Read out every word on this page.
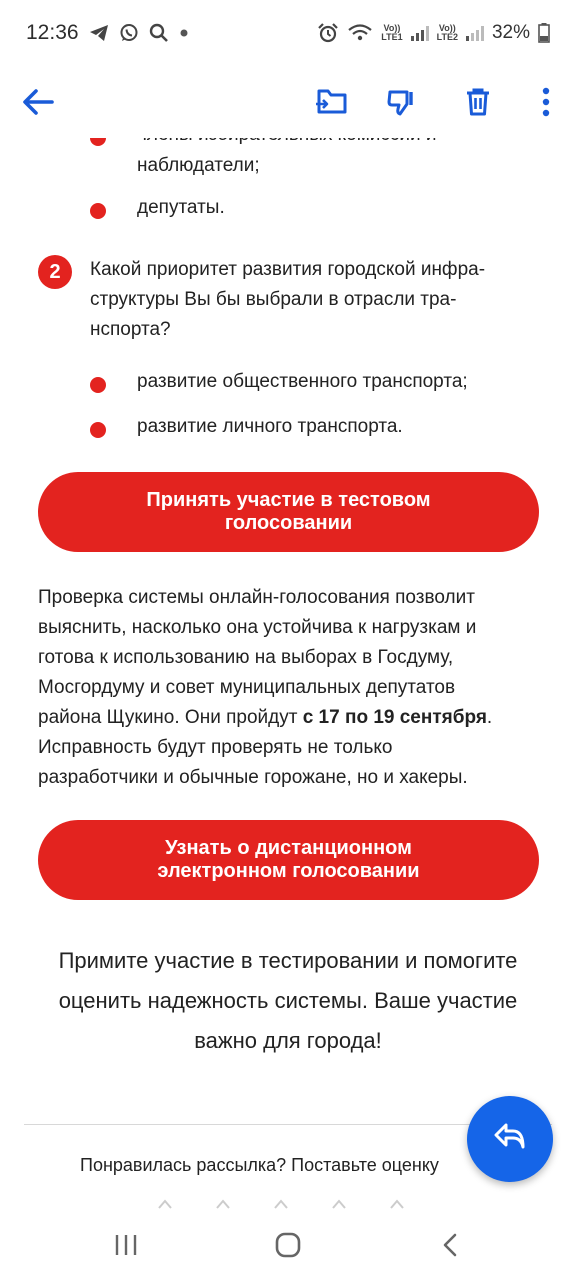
12:36	Vo))
LTE1
Vo))
LTE2 32%
наблюдатели;
депутаты.
2	Какой приоритет развития городской инфра-
структуры Вы бы выбрали в отрасли тра-
нспорта?
развитие общественного транспорта;
развитие личного транспорта.
Принять участие в тестовом голосовании
Проверка системы онлайн-голосования позволит
выяснить, насколько она устойчива к нагрузкам и
готова к использованию на выборах в Госдуму,
Мосгордуму и совет муниципальных депутатов
района Щукино. Они пройдут с 17 по 19 сентября.
Исправность будут проверять не только
разработчики и обычные горожане, но и хакеры.
Узнать о дистанционном электронном голосовании
Примите участие в тестировании и помогите
оценить надежность системы. Ваше участие
важно для города!
Понравилась рассылка? Поставьте оценку
